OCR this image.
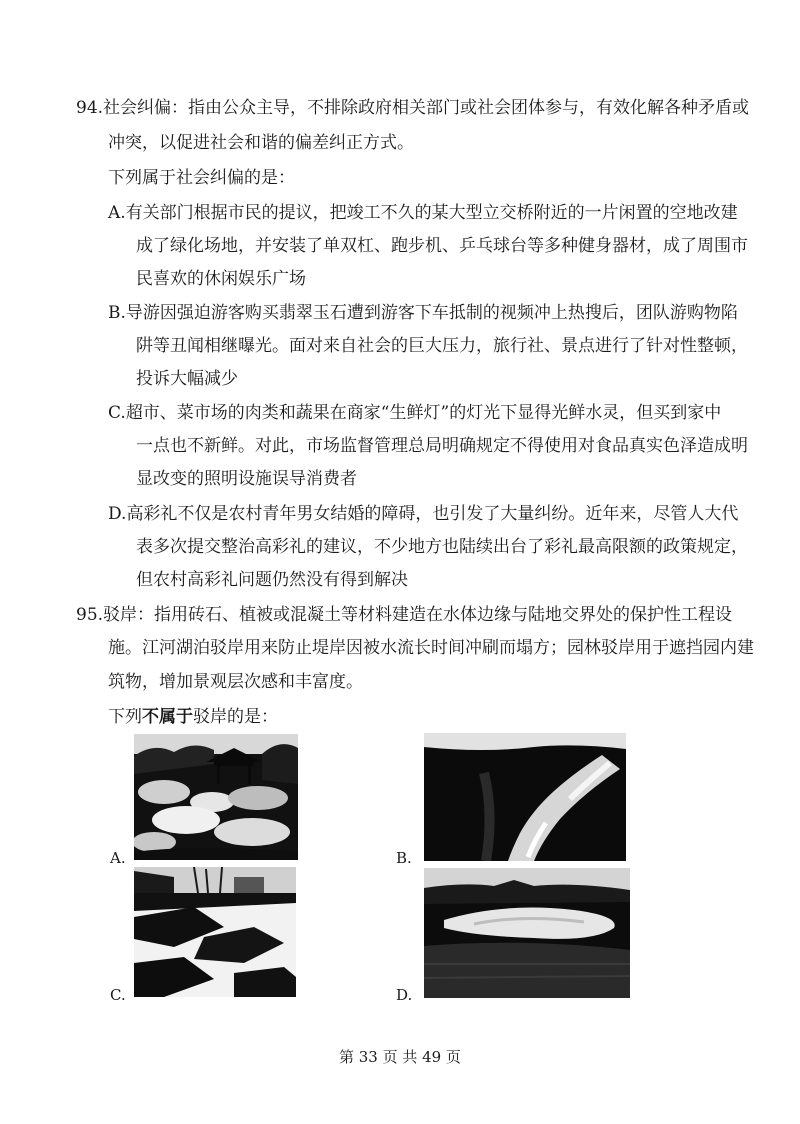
94.社会纠偏：指由公众主导，不排除政府相关部门或社会团体参与，有效化解各种矛盾或
冲突，以促进社会和谐的偏差纠正方式。
下列属于社会纠偏的是：
A.有关部门根据市民的提议，把竣工不久的某大型立交桥附近的一片闲置的空地改建
成了绿化场地，并安装了单双杠、跑步机、乒乓球台等多种健身器材，成了周围市
民喜欢的休闲娱乐广场
B.导游因强迫游客购买翡翠玉石遭到游客下车抵制的视频冲上热搜后，团队游购物陷
阱等丑闻相继曝光。面对来自社会的巨大压力，旅行社、景点进行了针对性整顿，
投诉大幅减少
C.超市、菜市场的肉类和蔬果在商家“生鲜灯”的灯光下显得光鲜水灵，但买到家中
一点也不新鲜。对此，市场监督管理总局明确规定不得使用对食品真实色泽造成明
显改变的照明设施误导消费者
D.高彩礼不仅是农村青年男女结婚的障碍，也引发了大量纠纷。近年来，尽管人大代
表多次提交整治高彩礼的建议，不少地方也陆续出台了彩礼最高限额的政策规定，
但农村高彩礼问题仍然没有得到解决
95.驳岸：指用砖石、植被或混凝土等材料建造在水体边缘与陆地交界处的保护性工程设
施。江河湖泊驳岸用来防止堤岸因被水流长时间冲刷而塌方；园林驳岸用于遮挡园内建
筑物，增加景观层次感和丰富度。
下列不属于驳岸的是：
A.	B.
C.	D.
第 33 页 共 49 页
